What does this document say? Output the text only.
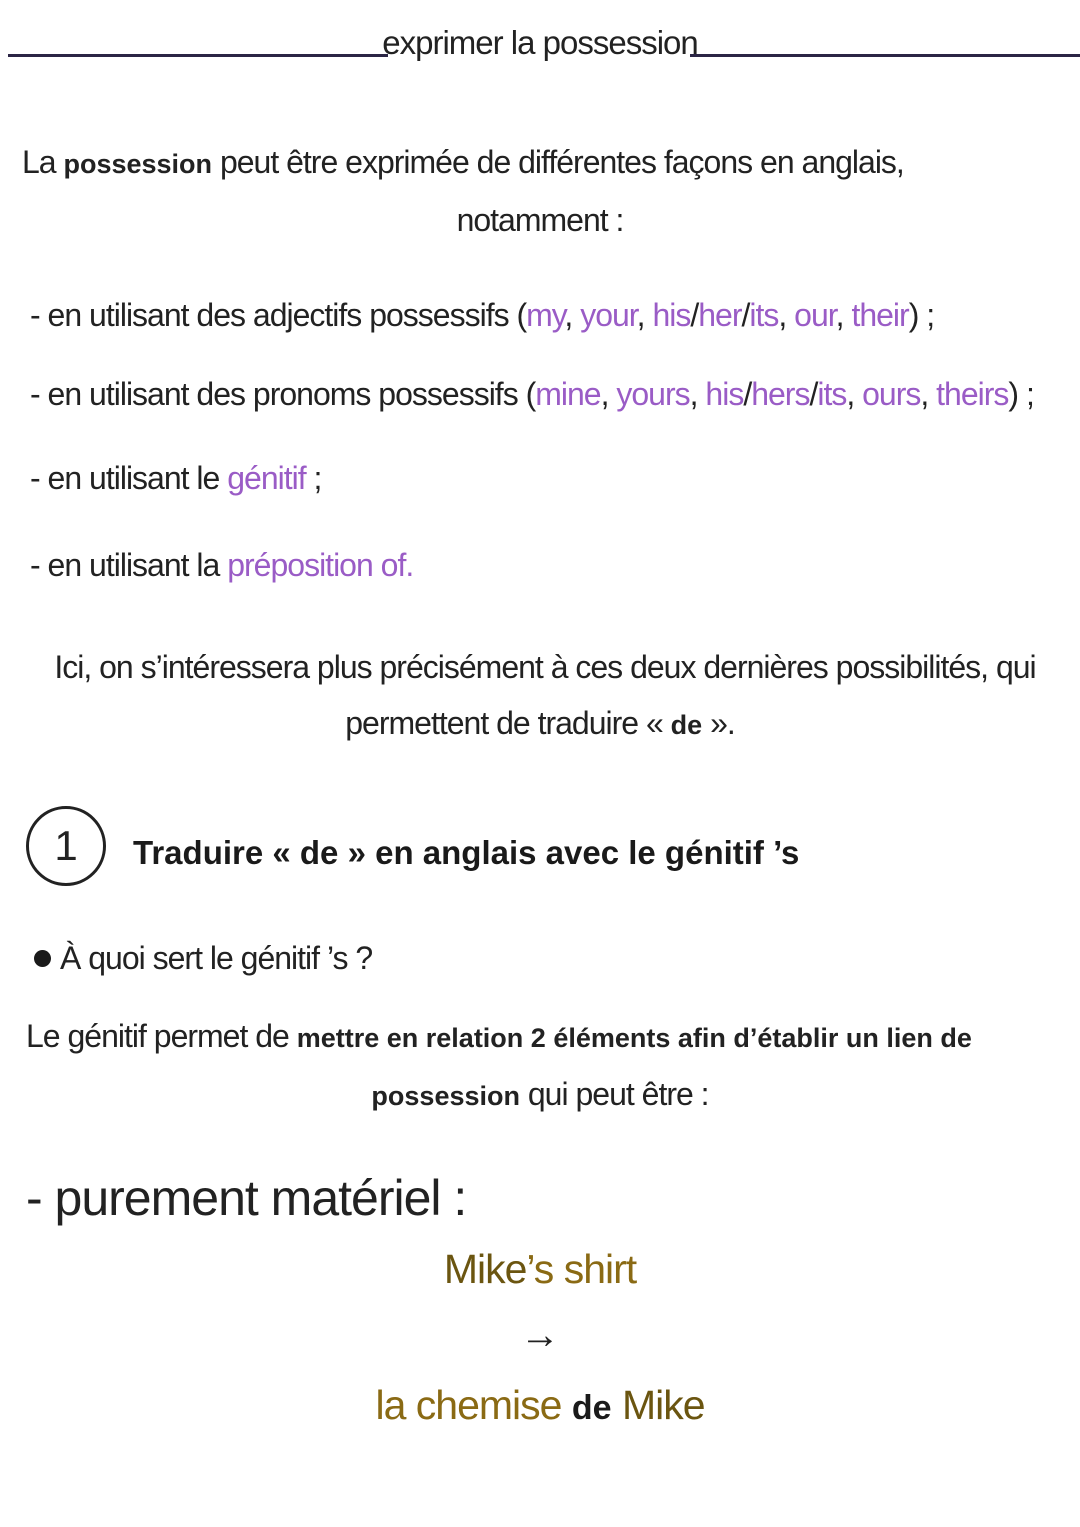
exprimer la possession
La possession peut être exprimée de différentes façons en anglais,
notamment :
- en utilisant des adjectifs possessifs (my, your, his/her/its, our, their) ;
- en utilisant des pronoms possessifs (mine, yours, his/hers/its, ours, theirs) ;
- en utilisant le génitif ;
- en utilisant la préposition of.
Ici, on s’intéressera plus précisément à ces deux dernières possibilités, qui
permettent de traduire « de ».
1 Traduire « de » en anglais avec le génitif ’s
À quoi sert le génitif ’s ?
Le génitif permet de mettre en relation 2 éléments afin d’établir un lien de
possession qui peut être :
- purement matériel :
Mike’s shirt
→
la chemise de Mike
